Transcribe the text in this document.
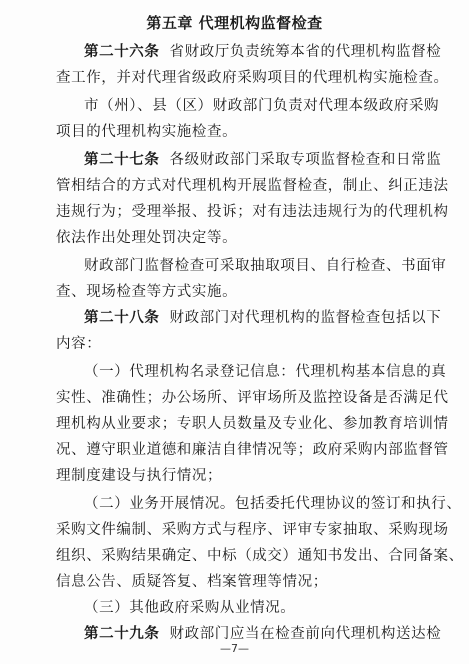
第五章 代理机构监督检查
第二十六条 省财政厅负责统筹本省的代理机构监督检
查工作，并对代理省级政府采购项目的代理机构实施检查。
市（州）、县（区）财政部门负责对代理本级政府采购
项目的代理机构实施检查。
第二十七条 各级财政部门采取专项监督检查和日常监
管相结合的方式对代理机构开展监督检查，制止、纠正违法
违规行为；受理举报、投诉；对有违法违规行为的代理机构
依法作出处理处罚决定等。
财政部门监督检查可采取抽取项目、自行检查、书面审
查、现场检查等方式实施。
第二十八条 财政部门对代理机构的监督检查包括以下
内容：
（一）代理机构名录登记信息：代理机构基本信息的真
实性、准确性；办公场所、评审场所及监控设备是否满足代
理机构从业要求；专职人员数量及专业化、参加教育培训情
况、遵守职业道德和廉洁自律情况等；政府采购内部监督管
理制度建设与执行情况；
（二）业务开展情况。包括委托代理协议的签订和执行、
采购文件编制、采购方式与程序、评审专家抽取、采购现场
组织、采购结果确定、中标（成交）通知书发出、合同备案、
信息公告、质疑答复、档案管理等情况；
（三）其他政府采购从业情况。
第二十九条 财政部门应当在检查前向代理机构送达检
—7—
